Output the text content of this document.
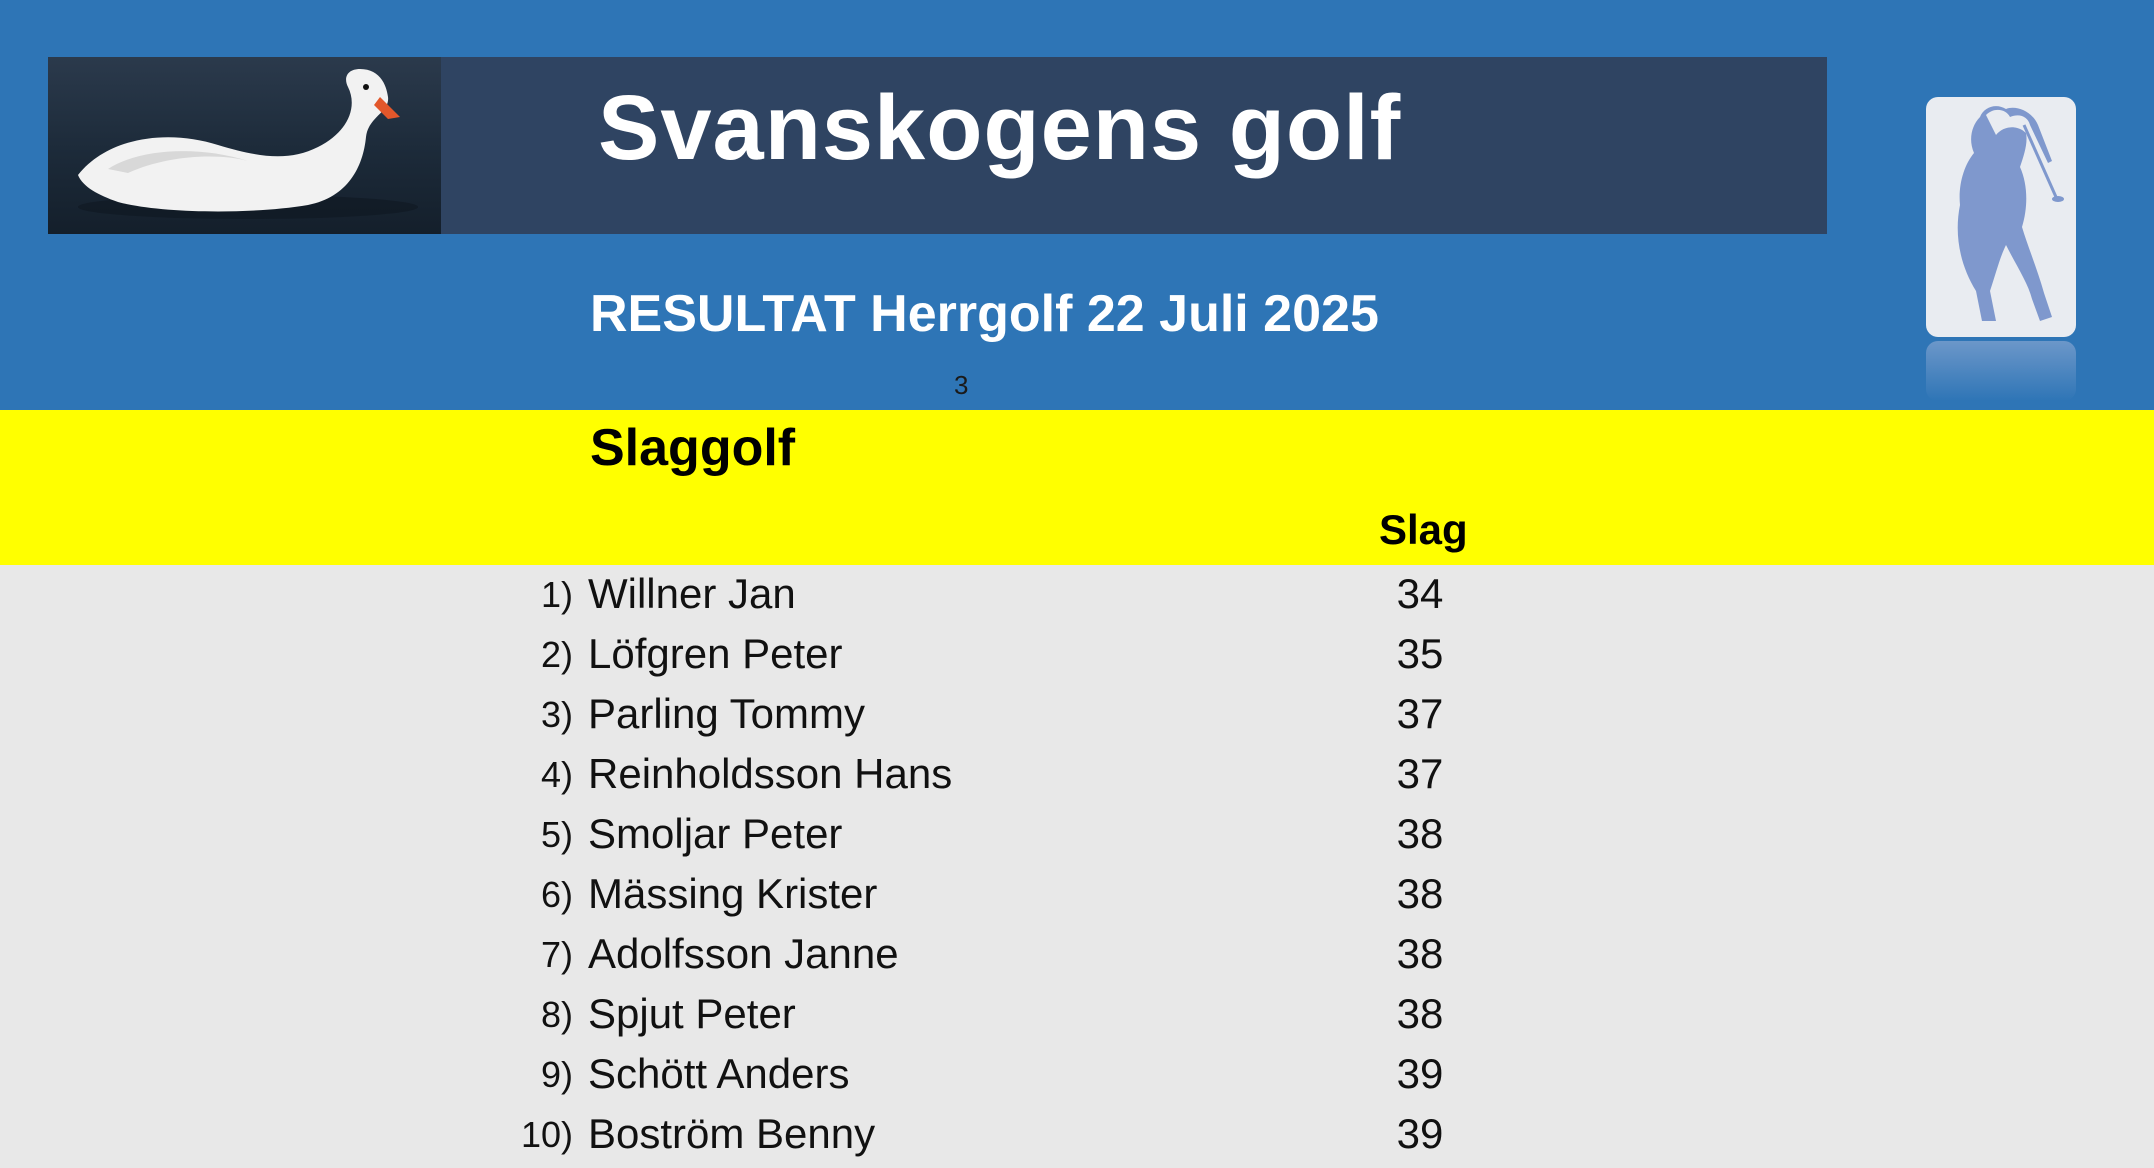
Svanskogens golf
RESULTAT Herrgolf 22 Juli 2025
3
Slaggolf
Slag
1) Willner Jan	34
2) Löfgren Peter	35
3) Parling Tommy	37
4) Reinholdsson Hans	37
5) Smoljar Peter	38
6) Mässing Krister	38
7) Adolfsson Janne	38
8) Spjut Peter	38
9) Schött Anders	39
10) Boström Benny	39
